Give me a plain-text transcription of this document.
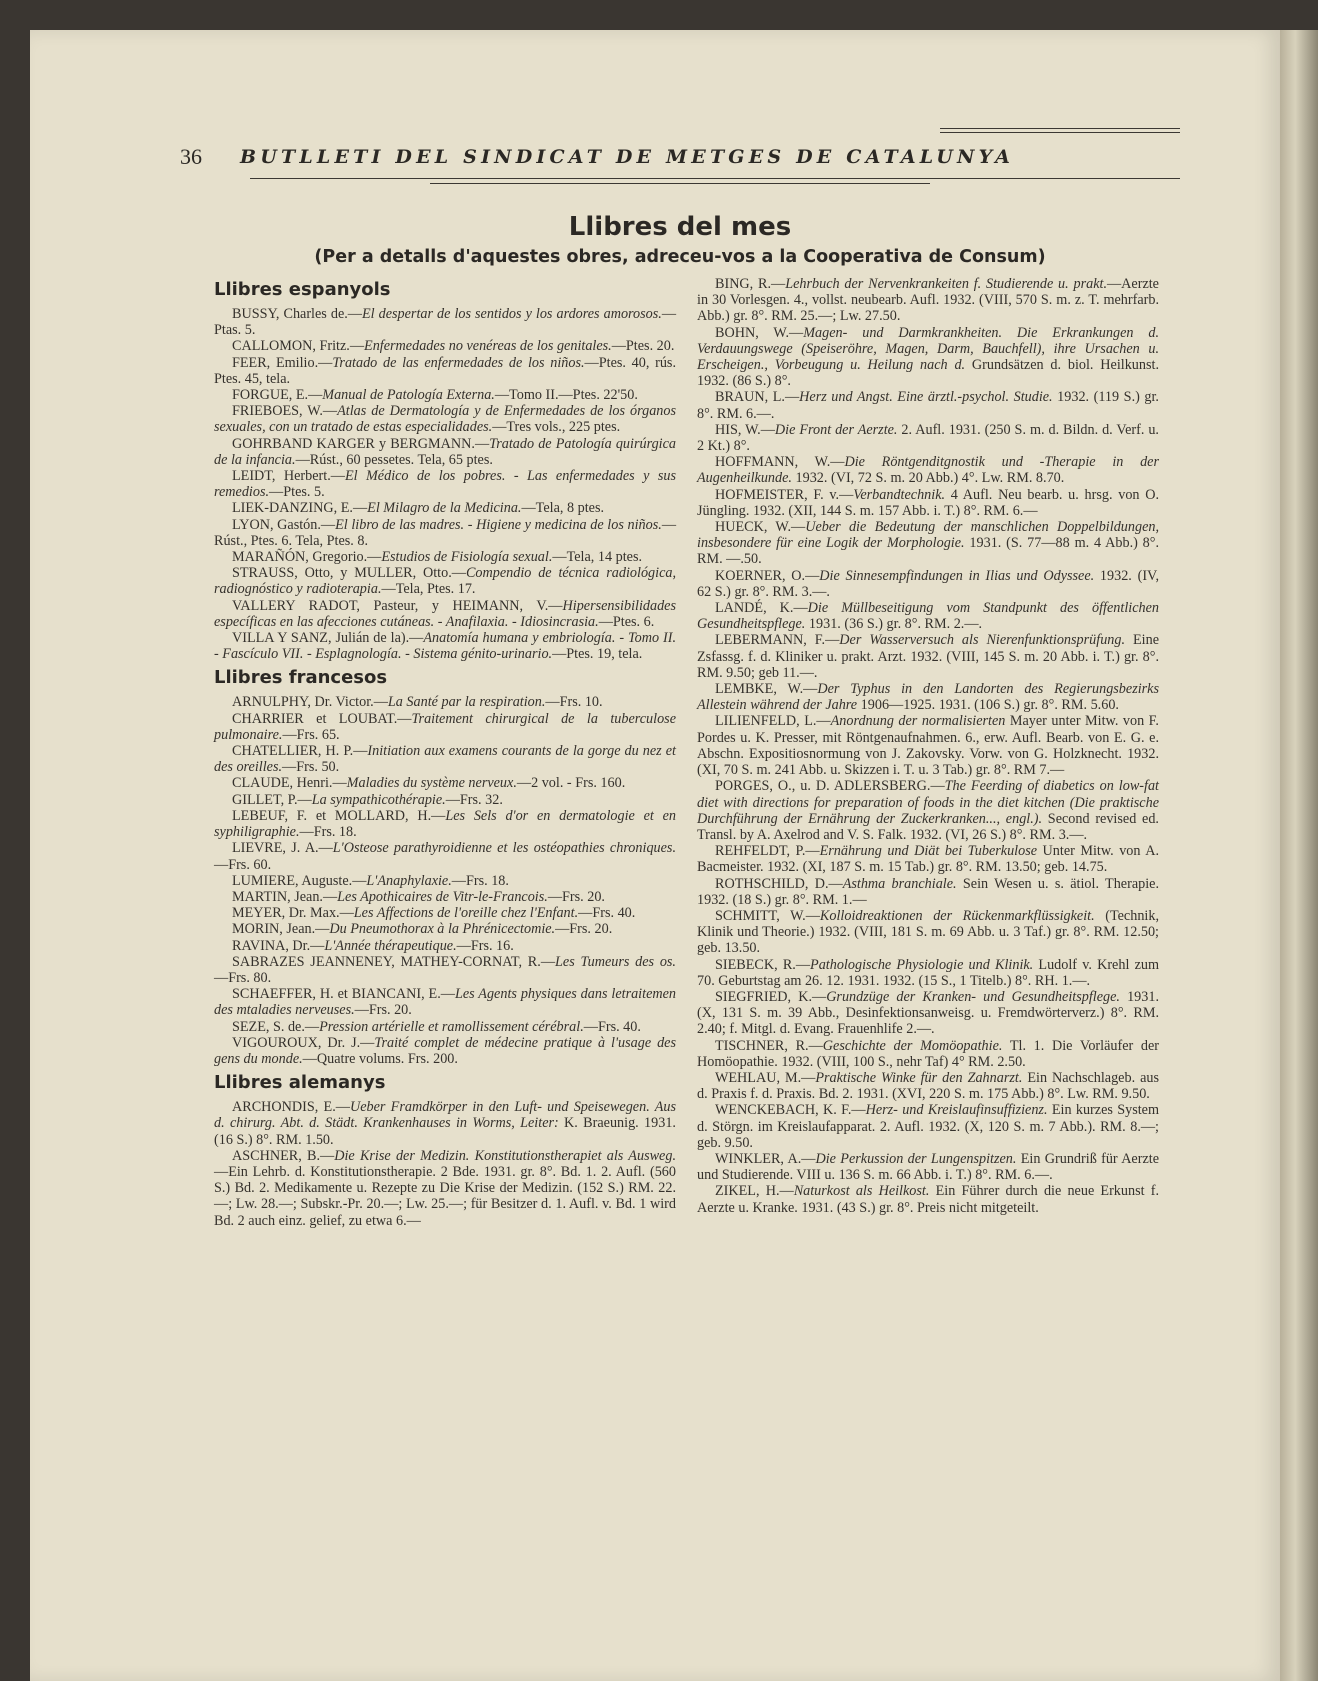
36	BUTLLETI DEL SINDICAT DE METGES DE CATALUNYA
Llibres del mes
(Per a detalls d'aquestes obres, adreceu-vos a la Cooperativa de Consum)
Llibres espanyols

BUSSY, Charles de.—El despertar de los sentidos y los ardores amorosos.—Ptas. 5.

CALLOMON, Fritz.—Enfermedades no venéreas de los genitales.—Ptes. 20.

FEER, Emilio.—Tratado de las enfermedades de los niños.—Ptes. 40, rús. Ptes. 45, tela.

FORGUE, E.—Manual de Patología Externa.—Tomo II.—Ptes. 22'50.

FRIEBOES, W.—Atlas de Dermatología y de Enfermedades de los órganos sexuales, con un tratado de estas especialidades.—Tres vols., 225 ptes.

GOHRBAND KARGER y BERGMANN.—Tratado de Patología quirúrgica de la infancia.—Rúst., 60 pessetes. Tela, 65 ptes.

LEIDT, Herbert.—El Médico de los pobres. - Las enfermedades y sus remedios.—Ptes. 5.

LIEK-DANZING, E.—El Milagro de la Medicina.—Tela, 8 ptes.

LYON, Gastón.—El libro de las madres. - Higiene y medicina de los niños.—Rúst., Ptes. 6. Tela, Ptes. 8.

MARAÑÓN, Gregorio.—Estudios de Fisiología sexual.—Tela, 14 ptes.

STRAUSS, Otto, y MULLER, Otto.—Compendio de técnica radiológica, radiognóstico y radioterapia.—Tela, Ptes. 17.

VALLERY RADOT, Pasteur, y HEIMANN, V.—Hipersensibilidades específicas en las afecciones cutáneas. - Anafilaxia. - Idiosincrasia.—Ptes. 6.

VILLA Y SANZ, Julián de la).—Anatomía humana y embriología. - Tomo II. - Fascículo VII. - Esplagnología. - Sistema génito-urinario.—Ptes. 19, tela.

Llibres francesos

ARNULPHY, Dr. Victor.—La Santé par la respiration.—Frs. 10.

CHARRIER et LOUBAT.—Traitement chirurgical de la tuberculose pulmonaire.—Frs. 65.

CHATELLIER, H. P.—Initiation aux examens courants de la gorge du nez et des oreilles.—Frs. 50.

CLAUDE, Henri.—Maladies du système nerveux.—2 vol. - Frs. 160.

GILLET, P.—La sympathicothérapie.—Frs. 32.

LEBEUF, F. et MOLLARD, H.—Les Sels d'or en dermatologie et en syphiligraphie.—Frs. 18.

LIEVRE, J. A.—L'Osteose parathyroidienne et les ostéopathies chroniques.—Frs. 60.

LUMIERE, Auguste.—L'Anaphylaxie.—Frs. 18.

MARTIN, Jean.—Les Apothicaires de Vitr-le-Francois.—Frs. 20.

MEYER, Dr. Max.—Les Affections de l'oreille chez l'Enfant.—Frs. 40.

MORIN, Jean.—Du Pneumothorax à la Phrénicectomie.—Frs. 20.

RAVINA, Dr.—L'Année thérapeutique.—Frs. 16.

SABRAZES JEANNENEY, MATHEY-CORNAT, R.—Les Tumeurs des os.—Frs. 80.

SCHAEFFER, H. et BIANCANI, E.—Les Agents physiques dans letraitemen des mtaladies nerveuses.—Frs. 20.

SEZE, S. de.—Pression artérielle et ramollissement cérébral.—Frs. 40.

VIGOUROUX, Dr. J.—Traité complet de médecine pratique à l'usage des gens du monde.—Quatre volums. Frs. 200.

Llibres alemanys

ARCHONDIS, E.—Ueber Framdkörper in den Luft- und Speisewegen. Aus d. chirurg. Abt. d. Städt. Krankenhauses in Worms, Leiter: K. Braeunig. 1931. (16 S.) 8°. RM. 1.50.

ASCHNER, B.—Die Krise der Medizin. Konstitutionstherapiet als Ausweg.—Ein Lehrb. d. Konstitutionstherapie. 2 Bde. 1931. gr. 8°. Bd. 1. 2. Aufl. (560 S.) Bd. 2. Medikamente u. Rezepte zu Die Krise der Medizin. (152 S.) RM. 22.—; Lw. 28.—; Subskr.-Pr. 20.—; Lw. 25.—; für Besitzer d. 1. Aufl. v. Bd. 1 wird Bd. 2 auch einz. gelief, zu etwa 6.—

BING, R.—Lehrbuch der Nervenkrankeiten f. Studierende u. prakt.—Aerzte in 30 Vorlesgen. 4., vollst. neubearb. Aufl. 1932. (VIII, 570 S. m. z. T. mehrfarb. Abb.) gr. 8°. RM. 25.—; Lw. 27.50.

BOHN, W.—Magen- und Darmkrankheiten. Die Erkrankungen d. Verdauungswege (Speiseröhre, Magen, Darm, Bauchfell), ihre Ursachen u. Erscheigen., Vorbeugung u. Heilung nach d. Grundsätzen d. biol. Heilkunst. 1932. (86 S.) 8°.

BRAUN, L.—Herz und Angst. Eine ärztl.-psychol. Studie. 1932. (119 S.) gr. 8°. RM. 6.—.

HIS, W.—Die Front der Aerzte. 2. Aufl. 1931. (250 S. m. d. Bildn. d. Verf. u. 2 Kt.) 8°.

HOFFMANN, W.—Die Röntgenditgnostik und -Therapie in der Augenheilkunde. 1932. (VI, 72 S. m. 20 Abb.) 4°. Lw. RM. 8.70.

HOFMEISTER, F. v.—Verbandtechnik. 4 Aufl. Neu bearb. u. hrsg. von O. Jüngling. 1932. (XII, 144 S. m. 157 Abb. i. T.) 8°. RM. 6.—

HUECK, W.—Ueber die Bedeutung der manschlichen Doppelbildungen, insbesondere für eine Logik der Morphologie. 1931. (S. 77—88 m. 4 Abb.) 8°. RM. —.50.

KOERNER, O.—Die Sinnesempfindungen in Ilias und Odyssee. 1932. (IV, 62 S.) gr. 8°. RM. 3.—.

LANDÉ, K.—Die Müllbeseitigung vom Standpunkt des öffentlichen Gesundheitspflege. 1931. (36 S.) gr. 8°. RM. 2.—.

LEBERMANN, F.—Der Wasserversuch als Nierenfunktionsprüfung. Eine Zsfassg. f. d. Kliniker u. prakt. Arzt. 1932. (VIII, 145 S. m. 20 Abb. i. T.) gr. 8°. RM. 9.50; geb 11.—.

LEMBKE, W.—Der Typhus in den Landorten des Regierungsbezirks Allestein während der Jahre 1906—1925. 1931. (106 S.) gr. 8°. RM. 5.60.

LILIENFELD, L.—Anordnung der normalisierten Mayer unter Mitw. von F. Pordes u. K. Presser, mit Röntgenaufnahmen. 6., erw. Aufl. Bearb. von E. G. e. Abschn. Expositiosnormung von J. Zakovsky. Vorw. von G. Holzknecht. 1932. (XI, 70 S. m. 241 Abb. u. Skizzen i. T. u. 3 Tab.) gr. 8°. RM 7.—

PORGES, O., u. D. ADLERSBERG.—The Feerding of diabetics on low-fat diet with directions for preparation of foods in the diet kitchen (Die praktische Durchführung der Ernährung der Zuckerkranken..., engl.). Second revised ed. Transl. by A. Axelrod and V. S. Falk. 1932. (VI, 26 S.) 8°. RM. 3.—.

REHFELDT, P.—Ernährung und Diät bei Tuberkulose Unter Mitw. von A. Bacmeister. 1932. (XI, 187 S. m. 15 Tab.) gr. 8°. RM. 13.50; geb. 14.75.

ROTHSCHILD, D.—Asthma branchiale. Sein Wesen u. s. ätiol. Therapie. 1932. (18 S.) gr. 8°. RM. 1.—

SCHMITT, W.—Kolloidreaktionen der Rückenmarkflüssigkeit. (Technik, Klinik und Theorie.) 1932. (VIII, 181 S. m. 69 Abb. u. 3 Taf.) gr. 8°. RM. 12.50; geb. 13.50.

SIEBECK, R.—Pathologische Physiologie und Klinik. Ludolf v. Krehl zum 70. Geburtstag am 26. 12. 1931. 1932. (15 S., 1 Titelb.) 8°. RH. 1.—.

SIEGFRIED, K.—Grundzüge der Kranken- und Gesundheitspflege. 1931. (X, 131 S. m. 39 Abb., Desinfektionsanweisg. u. Fremdwörterverz.) 8°. RM. 2.40; f. Mitgl. d. Evang. Frauenhlife 2.—.

TISCHNER, R.—Geschichte der Momöopathie. Tl. 1. Die Vorläufer der Homöopathie. 1932. (VIII, 100 S., nehr Taf) 4° RM. 2.50.

WEHLAU, M.—Praktische Winke für den Zahnarzt. Ein Nachschlageb. aus d. Praxis f. d. Praxis. Bd. 2. 1931. (XVI, 220 S. m. 175 Abb.) 8°. Lw. RM. 9.50.

WENCKEBACH, K. F.—Herz- und Kreislaufinsuffizienz. Ein kurzes System d. Störgn. im Kreislaufapparat. 2. Aufl. 1932. (X, 120 S. m. 7 Abb.). RM. 8.—; geb. 9.50.

WINKLER, A.—Die Perkussion der Lungenspitzen. Ein Grundriß für Aerzte und Studierende. VIII u. 136 S. m. 66 Abb. i. T.) 8°. RM. 6.—.

ZIKEL, H.—Naturkost als Heilkost. Ein Führer durch die neue Erkunst f. Aerzte u. Kranke. 1931. (43 S.) gr. 8°. Preis nicht mitgeteilt.
